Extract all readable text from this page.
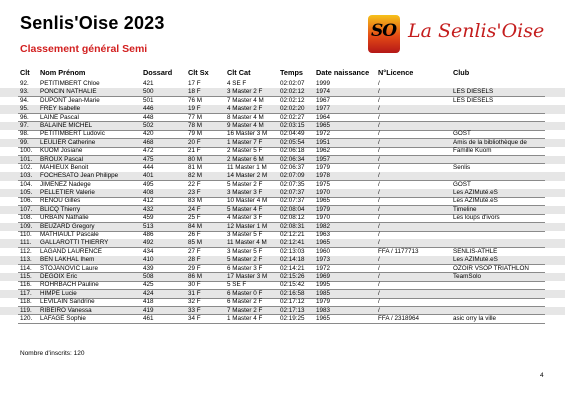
Senlis'Oise 2023
Classement général Semi
SO La Senlis'Oise
Clt Nom Prénom	Dossard Clt Sx	Clt Cat	Temps Date naissance N°Licence	Club
92. PETITIMBERT Chloe	421	17 F	4 SE F	02:02:07 1999	/
93. PONCIN NATHALIE	500	18 F	3 Master 2 F	02:02:12 1974	/	LES DIESELS
94. DUPONT Jean-Marie	501	76 M	7 Master 4 M	02:02:12 1967	/	LES DIESELS
95. FREY Isabelle	446	19 F	4 Master 2 F	02:02:20 1977	/
96. LAINE Pascal	448	77 M	8 Master 4 M	02:02:27 1964	/
97. BALAINE MICHEL	502	78 M	9 Master 4 M	02:03:15 1965	/
98. PETITIMBERT Ludovic	420	79 M	16 Master 3 M 02:04:49 1972	/	GOST
99. LEULIER Catherine	468	20 F	1 Master 7 F	02:05:54 1951	/	Amis de la bibliothèque de
100. KUOM Josiane	472	21 F	2 Master 5 F	02:06:18 1962	/	Famille Kuom
101. BROUX Pascal	475	80 M	2 Master 6 M	02:06:34 1957	/
102. MAHIEUX Benoit	444	81 M	11 Master 1 M 02:06:37 1979	/	Senlis
103. FOCHESATO Jean Philippe	401	82 M	14 Master 2 M 02:07:09 1978	/
104. JIMENEZ Nadege	495	22 F	5 Master 2 F	02:07:35 1975	/	GOST
105. PELLETIER Valerie	408	23 F	3 Master 3 F	02:07:37 1970	/	Les AZIMuté.eS
106. RENOU Gilles	412	83 M	10 Master 4 M 02:07:37 1965	/	Les AZIMuté.eS
107. BLICQ Thierry	432	24 F	5 Master 4 F	02:08:04 1979	/	Timeline
108. URBAIN Nathalie	459	25 F	4 Master 3 F	02:08:12 1970	/	Les loups d'ivors
109. BEUZARD Gregory	513	84 M	12 Master 1 M 02:08:31 1982	/
110. MATHIAULT Pascale	486	26 F	3 Master 5 F	02:12:21 1963	/
111. GALLAROTTI THIERRY	492	85 M	11 Master 4 M 02:12:41 1965	/
112. LAGAND LAURENCE	434	27 F	3 Master 5 F	02:13:03 1960	FFA / 1177713	SENLIS-ATHLE
113. BEN LAKHAL Ihem	410	28 F	5 Master 2 F	02:14:18 1973	/	Les AZIMuté.eS
114. STOJANOVIC Laure	439	29 F	6 Master 3 F	02:14:21 1972	/	OZOIR VSOP TRIATHLON
115. DEGOIX Eric	508	86 M	17 Master 3 M 02:15:26 1969	/	TeamSolo
116. ROHRBACH Pauline	425	30 F	5 SE F	02:15:42 1995	/
117. HIMPE Lucie	424	31 F	6 Master 0 F	02:16:58 1985	/
118. LEVILAIN Sandrine	418	32 F	6 Master 2 F	02:17:12 1979	/
119. RIBEIRO Vanessa	419	33 F	7 Master 2 F	02:17:13 1983	/
120. LAFAGE Sophie	461	34 F	1 Master 4 F	02:19:25 1965	FFA / 2318964	asic orry la ville
Nombre d'inscrits: 120
4
